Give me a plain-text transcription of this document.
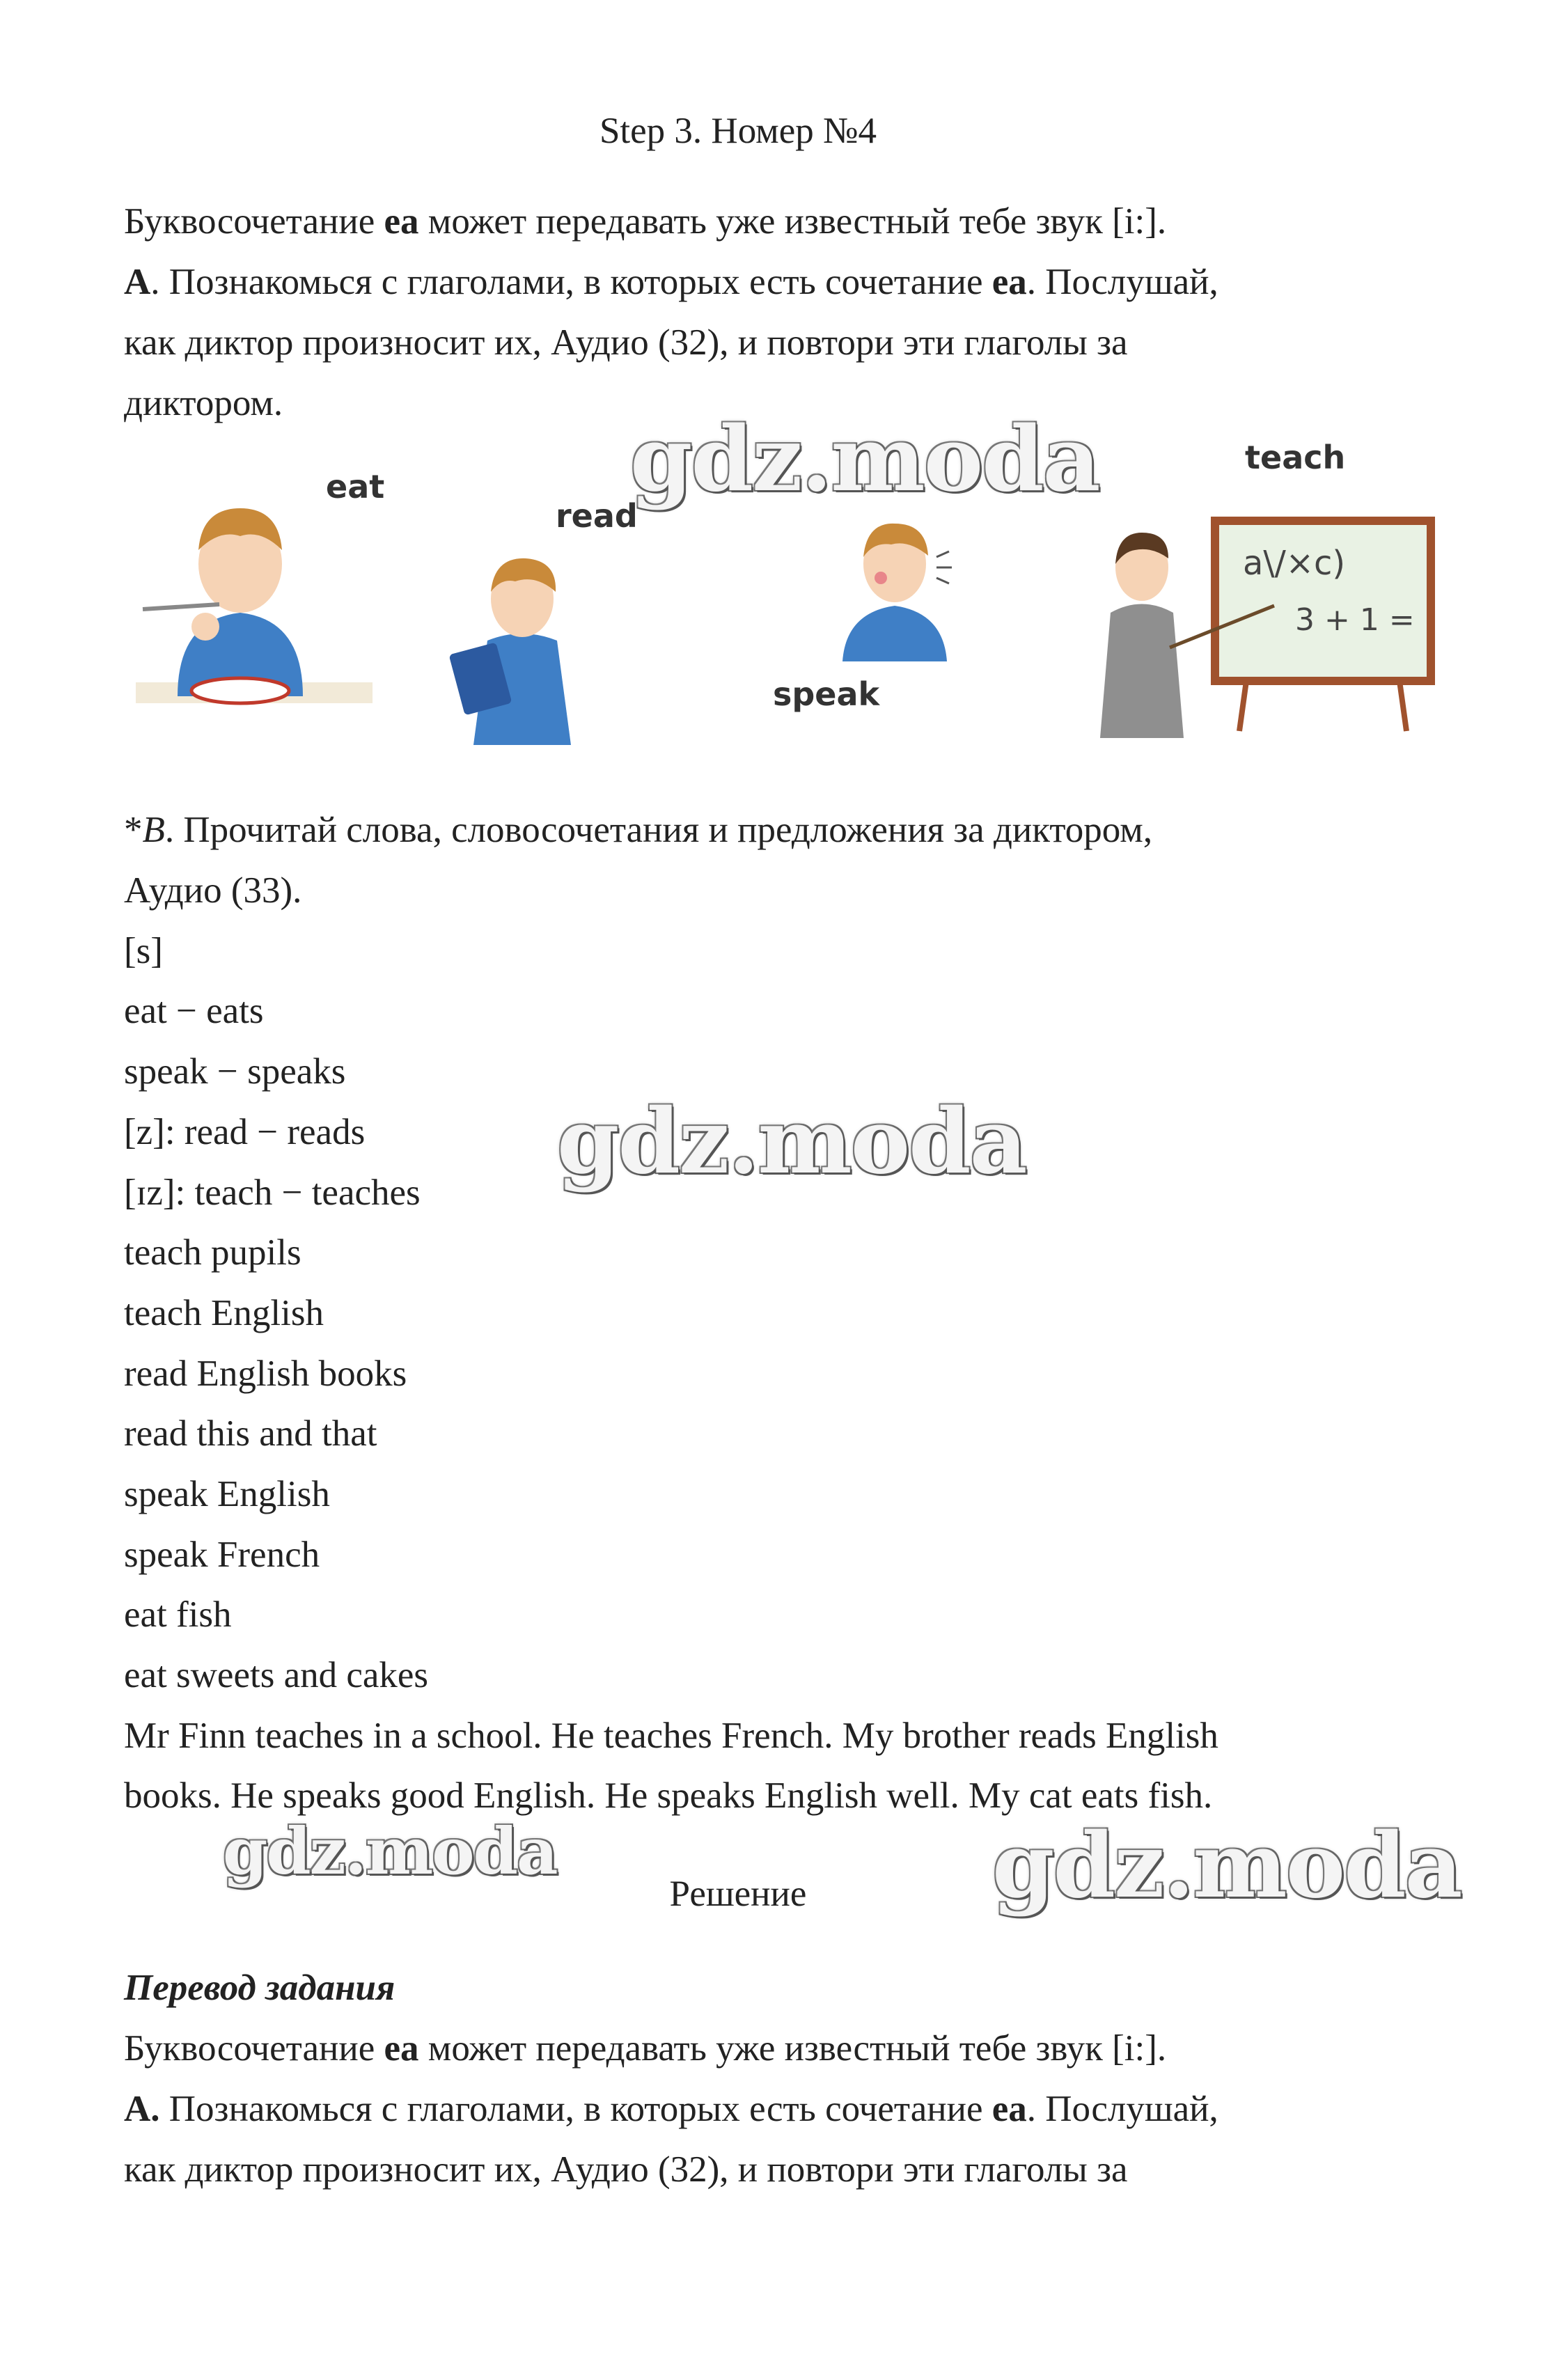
Step 3. Номер №4
Буквосочетание ea может передавать уже известный тебе звук [i:].
A. Познакомься с глаголами, в которых есть сочетание ea. Послушай,
как диктор произносит их, Аудио (32), и повтори эти глаголы за
диктором.
eat
read
speak
teach
a\/×c)
3 + 1 =
*B. Прочитай слова, словосочетания и предложения за диктором,
Аудио (33).
[s]
eat − eats
speak − speaks
[z]: read − reads
[ɪz]: teach − teaches
teach pupils
teach English
read English books
read this and that
speak English
speak French
eat fish
eat sweets and cakes
Mr Finn teaches in a school. He teaches French. My brother reads English
books. He speaks good English. He speaks English well. My cat eats fish.
Решение
Перевод задания
Буквосочетание ea может передавать уже известный тебе звук [i:].
A. Познакомься с глаголами, в которых есть сочетание ea. Послушай,
как диктор произносит их, Аудио (32), и повтори эти глаголы за
gdz.moda
gdz.moda
gdz.moda	gdz.moda
